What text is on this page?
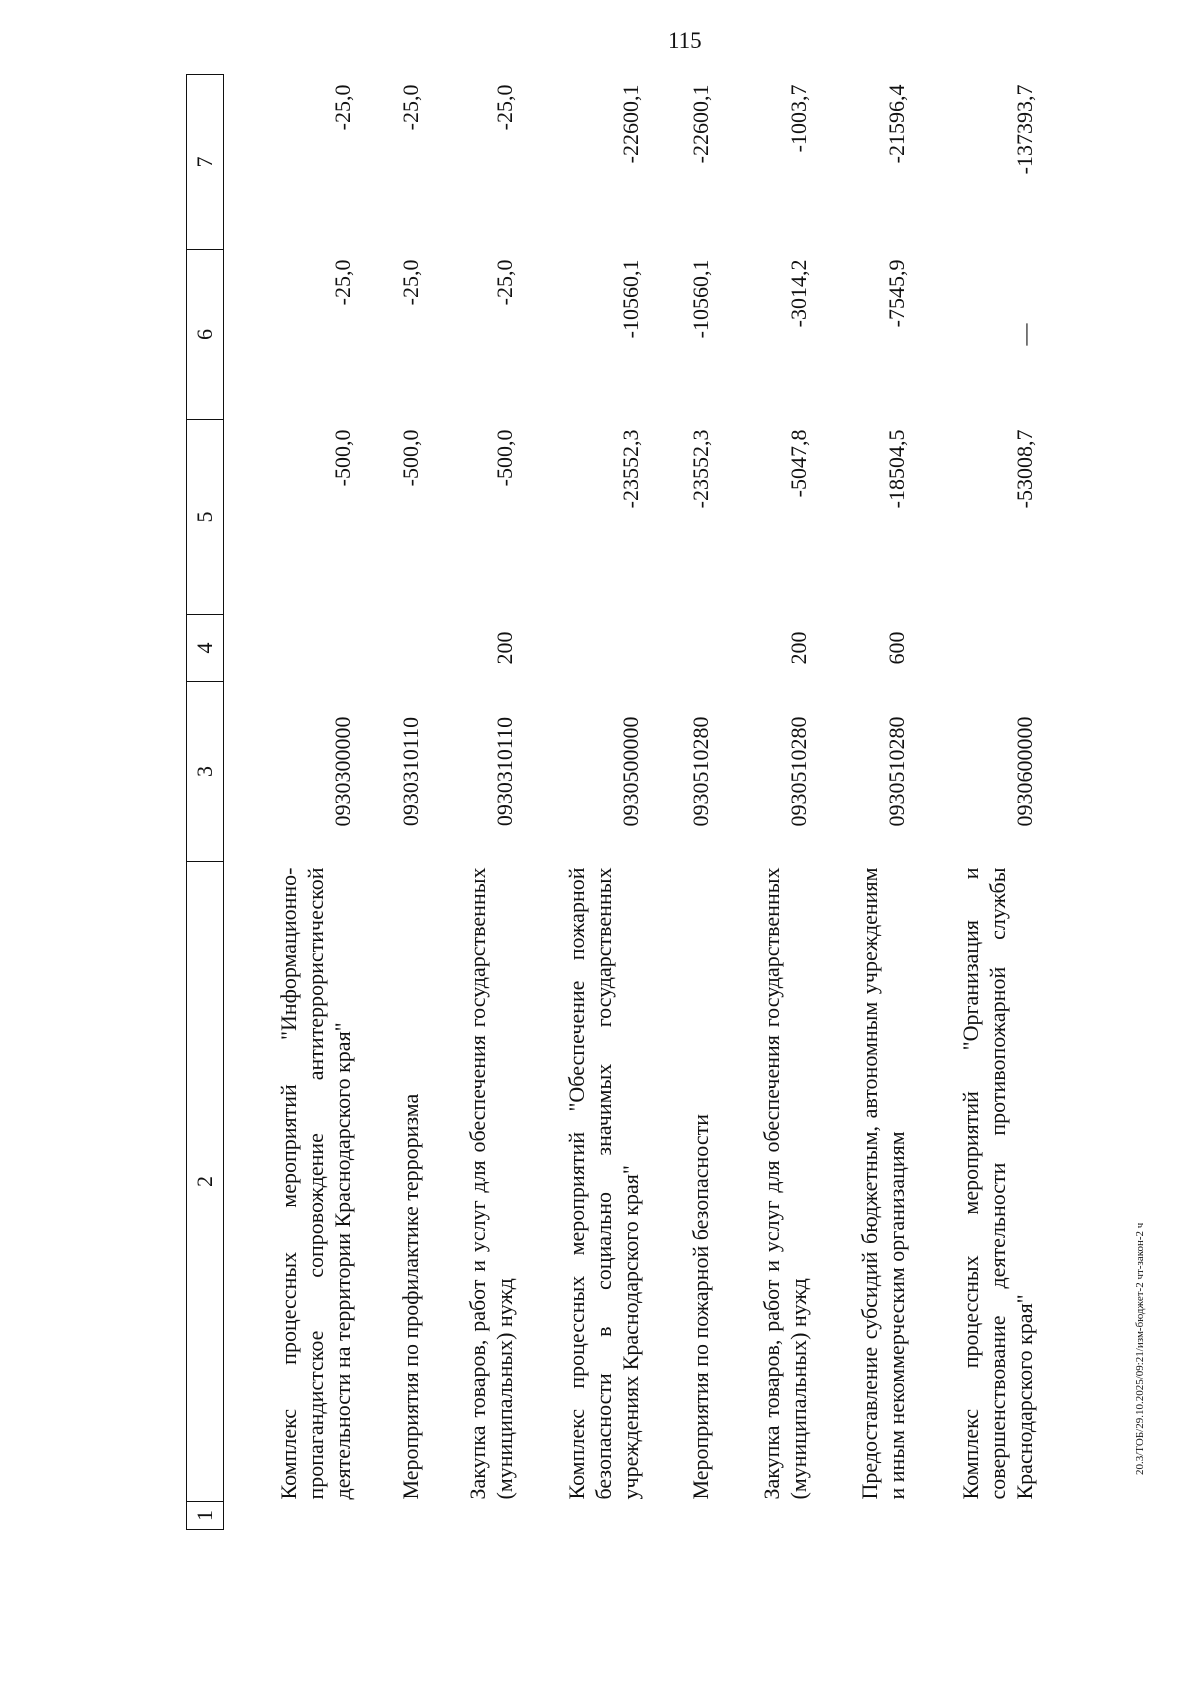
115
20.3/ТОБ/29.10.2025/09:21/изм-бюджет-2 чт-закон-2 ч
1	2	3	4	5	6	7
	Комплекс процессных мероприятий "Информационно-пропагандистское сопровождение антитеррористической деятельности на территории Краснодарского края"	0930300000		-500,0	-25,0	-25,0
	Мероприятия по профилактике терроризма	0930310110		-500,0	-25,0	-25,0
	Закупка товаров, работ и услуг для обеспечения государственных (муниципальных) нужд	0930310110	200	-500,0	-25,0	-25,0
	Комплекс процессных мероприятий "Обеспечение пожарной безопасности в социально значимых государственных учреждениях Краснодарского края"	0930500000		-23552,3	-10560,1	-22600,1
	Мероприятия по пожарной безопасности	0930510280		-23552,3	-10560,1	-22600,1
	Закупка товаров, работ и услуг для обеспечения государственных (муниципальных) нужд	0930510280	200	-5047,8	-3014,2	-1003,7
	Предоставление субсидий бюджетным, автономным учреждениям и иным некоммерческим организациям	0930510280	600	-18504,5	-7545,9	-21596,4
	Комплекс процессных мероприятий "Организация и совершенствование деятельности противопожарной службы Краснодарского края"	0930600000		-53008,7	—	-137393,7
